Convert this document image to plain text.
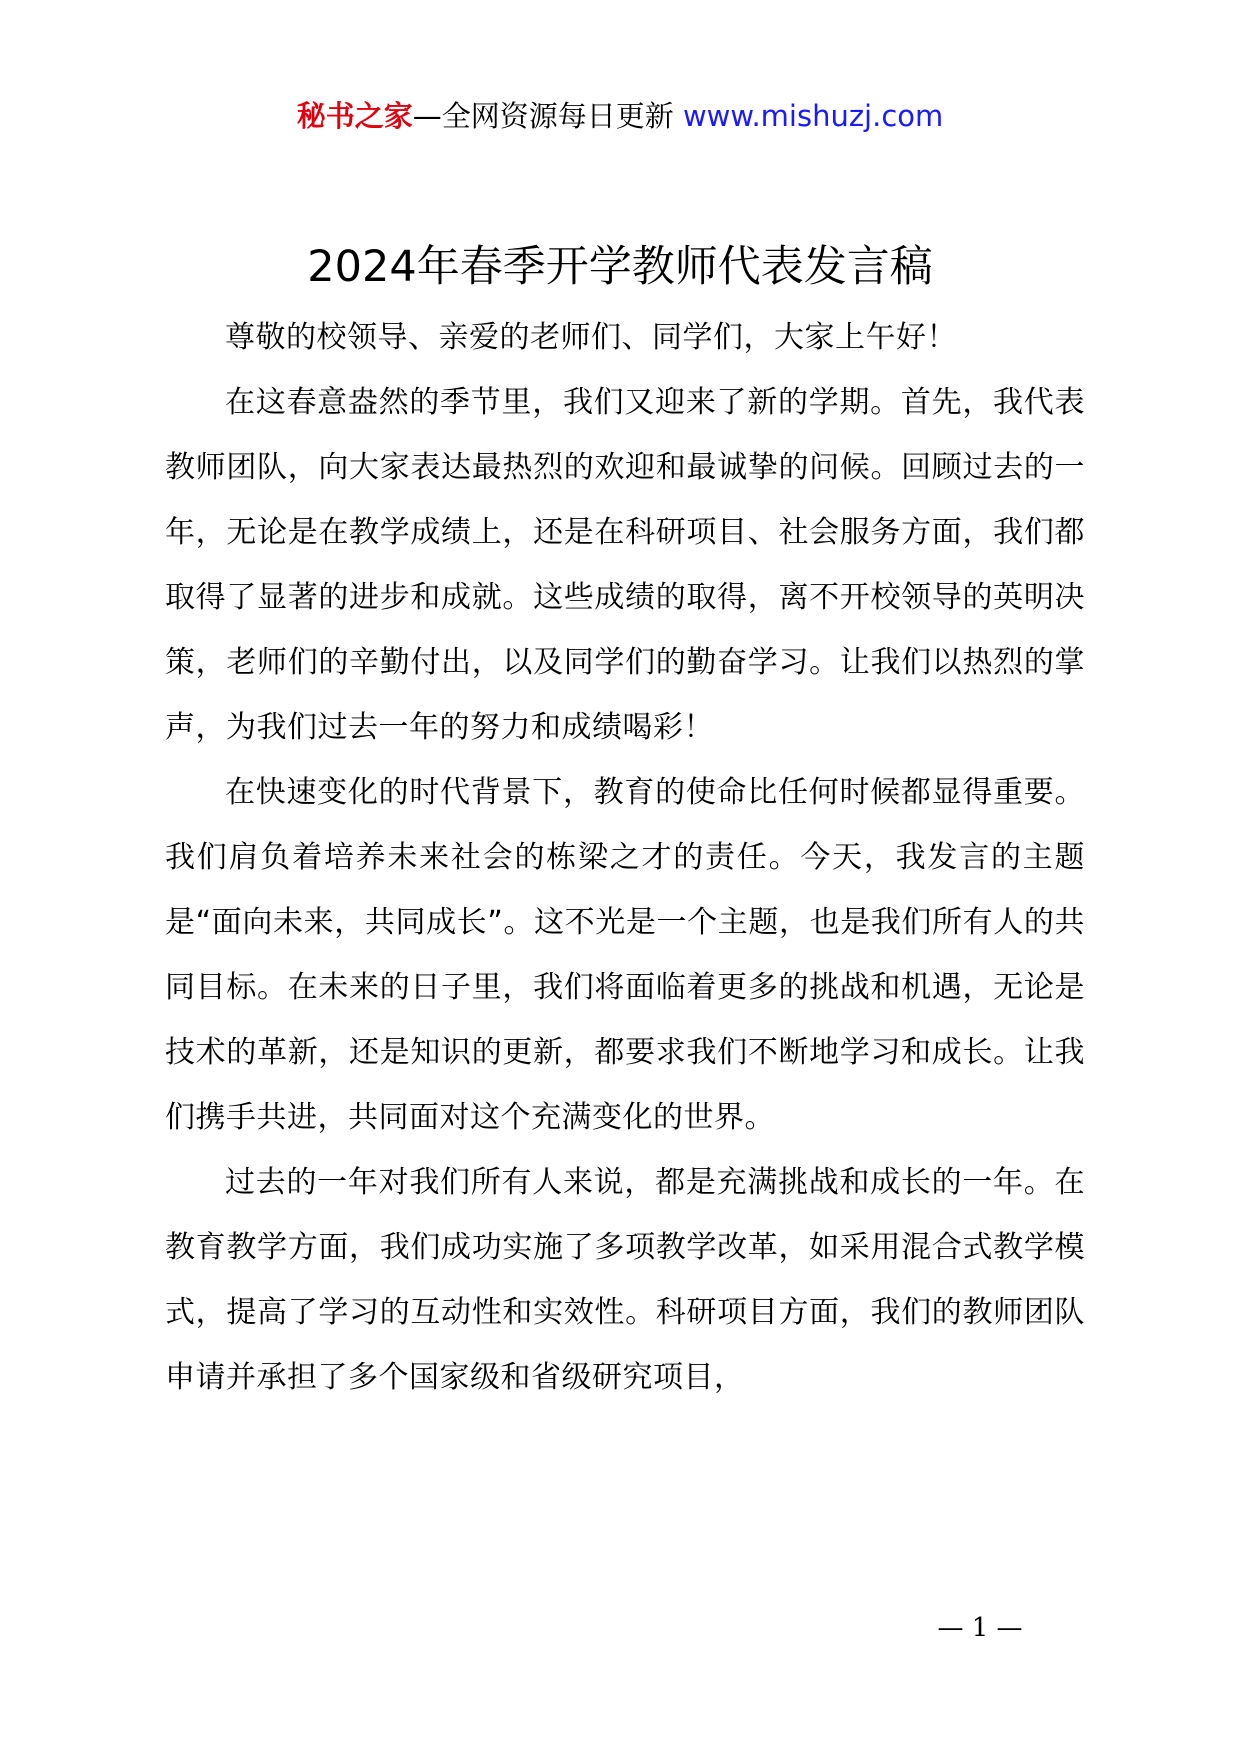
秘书之家—全网资源每日更新 www.mishuzj.com
2024年春季开学教师代表发言稿

尊敬的校领导、亲爱的老师们、同学们，大家上午好！

在这春意盎然的季节里，我们又迎来了新的学期。首先，我代表教师团队，向大家表达最热烈的欢迎和最诚挚的问候。回顾过去的一年，无论是在教学成绩上，还是在科研项目、社会服务方面，我们都取得了显著的进步和成就。这些成绩的取得，离不开校领导的英明决策，老师们的辛勤付出，以及同学们的勤奋学习。让我们以热烈的掌声，为我们过去一年的努力和成绩喝彩！

在快速变化的时代背景下，教育的使命比任何时候都显得重要。我们肩负着培养未来社会的栋梁之才的责任。今天，我发言的主题是“面向未来，共同成长”。这不光是一个主题，也是我们所有人的共同目标。在未来的日子里，我们将面临着更多的挑战和机遇，无论是技术的革新，还是知识的更新，都要求我们不断地学习和成长。让我们携手共进，共同面对这个充满变化的世界。

过去的一年对我们所有人来说，都是充满挑战和成长的一年。在教育教学方面，我们成功实施了多项教学改革，如采用混合式教学模式，提高了学习的互动性和实效性。科研项目方面，我们的教师团队申请并承担了多个国家级和省级研究项目，

— 1 —
